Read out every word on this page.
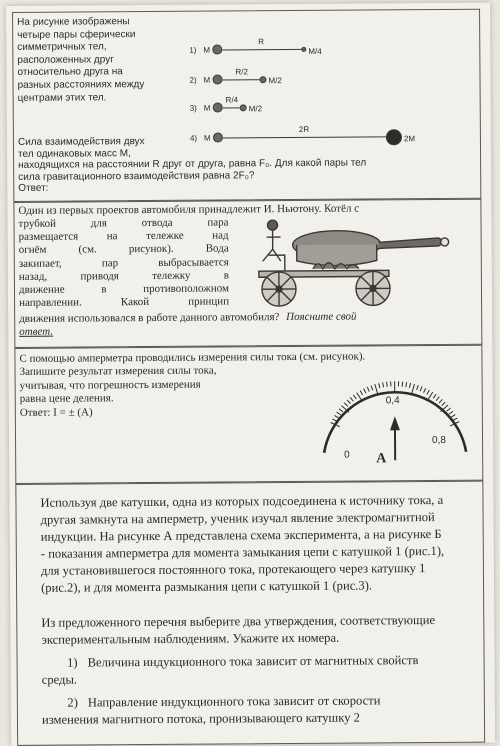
На рисунке изображены
четыре пары сферически
симметричных тел,
расположенных друг
относительно друга на
разных расстояниях между
центрами этих тел.
1) M
R
M/4
2) M
R/2
M/2
3) M
R/4
M/2
4) M
2R
2M
Сила взаимодействия двух
тел одинаковых масс M,
находящихся на расстоянии R друг от друга, равна F₀. Для какой пары тел
сила гравитационного взаимодействия равна 2F₀?
Ответ:
Один из первых проектов автомобиля принадлежит И. Ньютону. Котёл с
трубкой для отвода пара
размещается на тележке над
огнём (см. рисунок). Вода
закипает, пар выбрасывается
назад, приводя тележку в
движение в противоположном
направлении. Какой принцип
движения использовался в работе данного автомобиля? Поясните свой
ответ.
С помощью амперметра проводились измерения силы тока (см. рисунок).
Запишите результат измерения силы тока,
учитывая, что погрешность измерения
равна цене деления.
Ответ: I = ± (А)
0,4
0
0,8
A
Используя две катушки, одна из которых подсоединена к источнику тока, а
другая замкнута на амперметр, ученик изучал явление электромагнитной
индукции. На рисунке А представлена схема эксперимента, а на рисунке Б
- показания амперметра для момента замыкания цепи с катушкой 1 (рис.1),
для установившегося постоянного тока, протекающего через катушку 1
(рис.2), и для момента размыкания цепи с катушкой 1 (рис.3).
Из предложенного перечня выберите два утверждения, соответствующие
экспериментальным наблюдениям. Укажите их номера.
1) Величина индукционного тока зависит от магнитных свойств
среды.
2) Направление индукционного тока зависит от скорости
изменения магнитного потока, пронизывающего катушку 2
